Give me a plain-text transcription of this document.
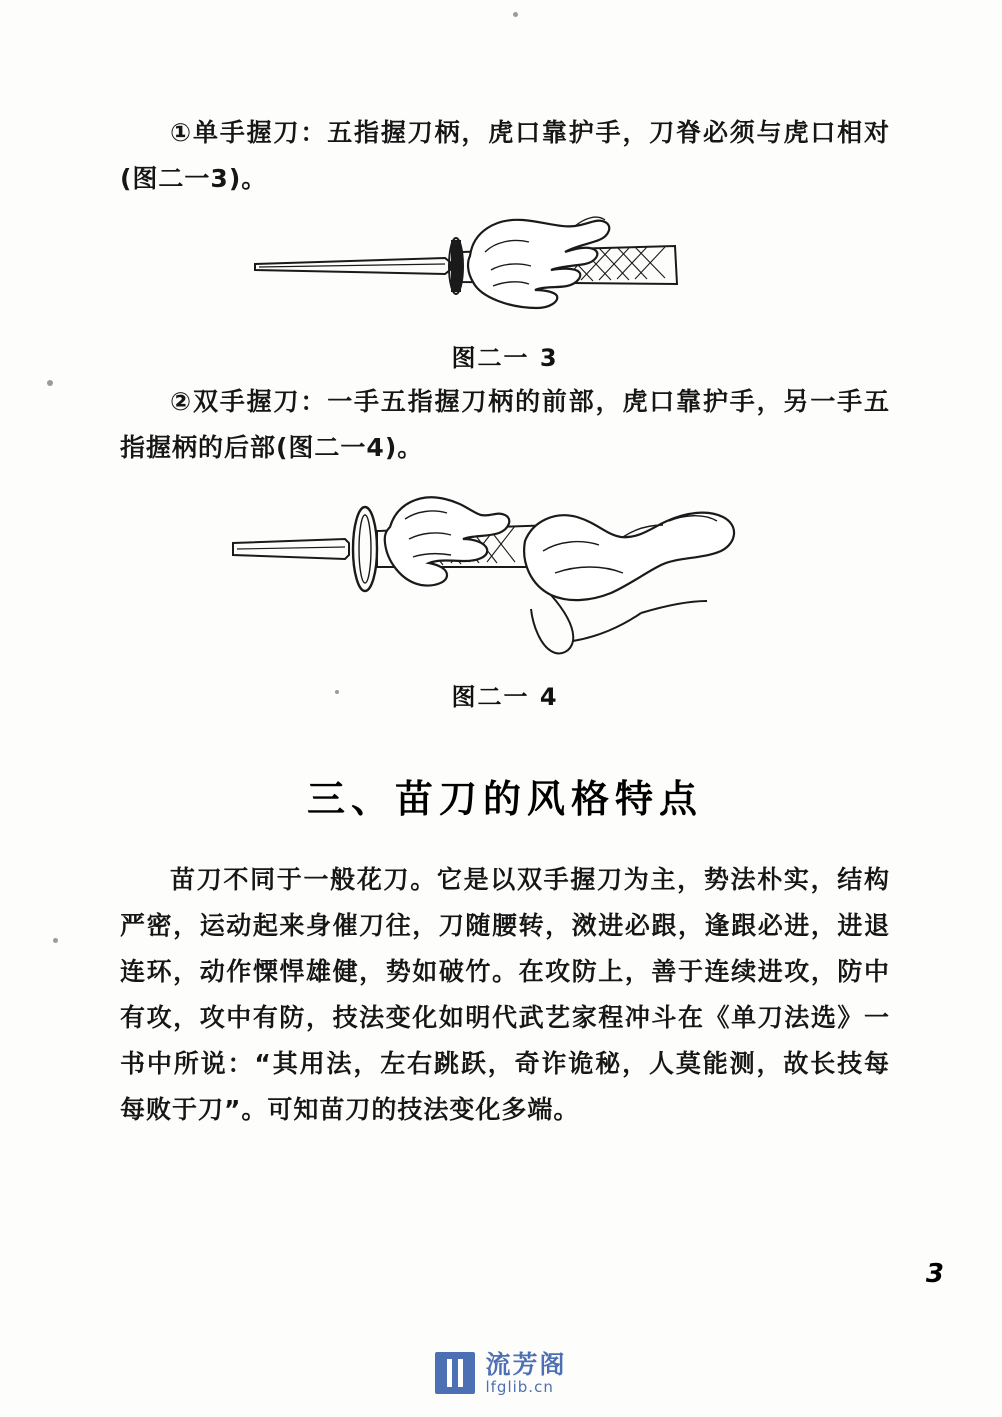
①单手握刀：五指握刀柄，虎口靠护手，刀脊必须与虎口相对(图二一3)。

图二一 3

②双手握刀：一手五指握刀柄的前部，虎口靠护手，另一手五指握柄的后部(图二一4)。

图二一 4
三、苗刀的风格特点

苗刀不同于一般花刀。它是以双手握刀为主，势法朴实，结构严密，运动起来身催刀往，刀随腰转，滧进必跟，逢跟必进，进退连环，动作慄悍雄健，势如破竹。在攻防上，善于连续进攻，防中有攻，攻中有防，技法变化如明代武艺家程冲斗在《单刀法选》一书中所说：“其用法，左右跳跃，奇诈诡秘，人莫能测，故长技每每败于刀”。可知苗刀的技法变化多端。

3
流芳阁
lfglib.cn
